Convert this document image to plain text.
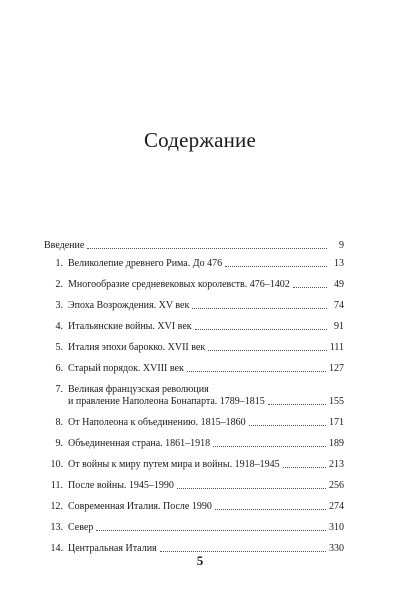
Содержание
Введение	9
1. Великолепие древнего Рима. До 476	13
2. Многообразие средневековых королевств. 476–1402	49
3. Эпоха Возрождения. XV век	74
4. Итальянские войны. XVI век	91
5. Италия эпохи барокко. XVII век	111
6. Старый порядок. XVIII век	127
7. Великая французская революция
и правление Наполеона Бонапарта. 1789–1815	155
8. От Наполеона к объединению. 1815–1860	171
9. Объединенная страна. 1861–1918	189
10. От войны к миру путем мира и войны. 1918–1945	213
11. После войны. 1945–1990	256
12. Современная Италия. После 1990	274
13. Север	310
14. Центральная Италия	330
5
